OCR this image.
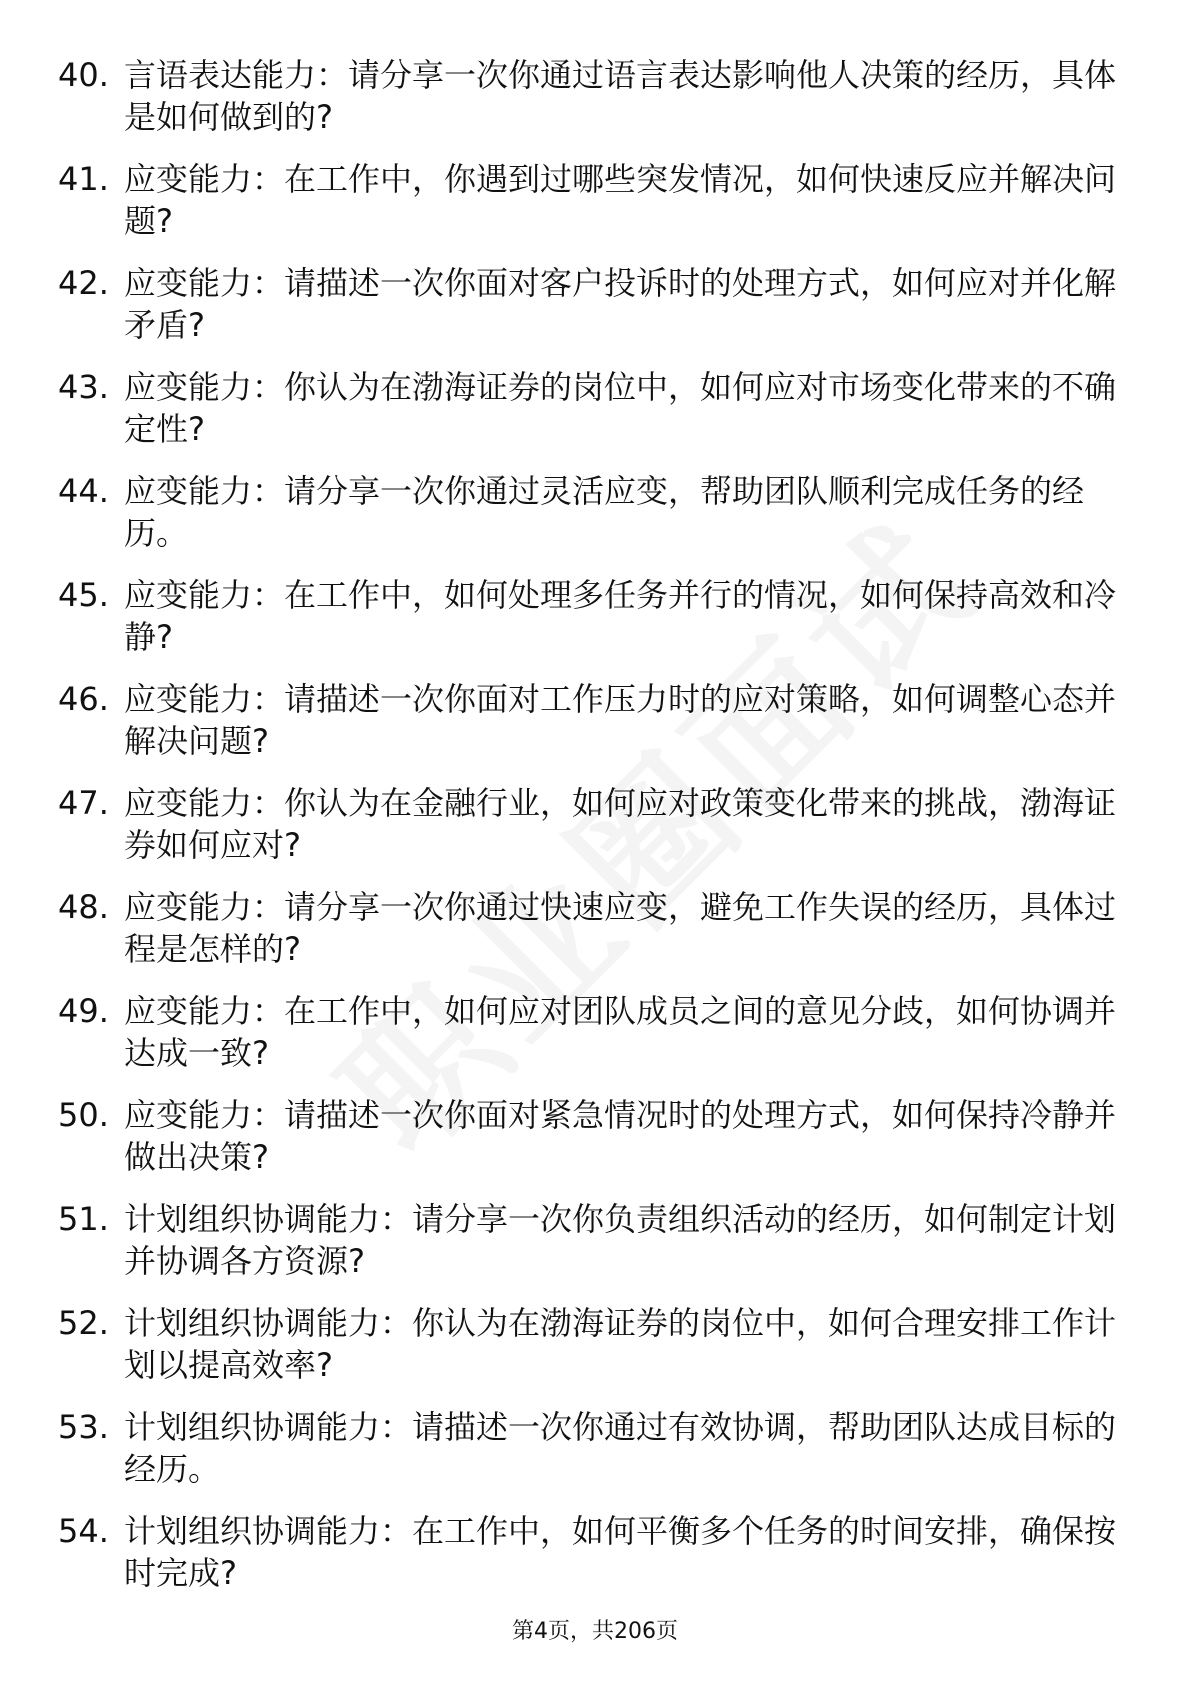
40. 言语表达能力：请分享一次你通过语言表达影响他人决策的经历，具体是如何做到的?
41. 应变能力：在工作中，你遇到过哪些突发情况，如何快速反应并解决问题?
42. 应变能力：请描述一次你面对客户投诉时的处理方式，如何应对并化解矛盾?
43. 应变能力：你认为在渤海证券的岗位中，如何应对市场变化带来的不确定性?
44. 应变能力：请分享一次你通过灵活应变，帮助团队顺利完成任务的经历。
45. 应变能力：在工作中，如何处理多任务并行的情况，如何保持高效和冷静?
46. 应变能力：请描述一次你面对工作压力时的应对策略，如何调整心态并解决问题?
47. 应变能力：你认为在金融行业，如何应对政策变化带来的挑战，渤海证券如何应对?
48. 应变能力：请分享一次你通过快速应变，避免工作失误的经历，具体过程是怎样的?
49. 应变能力：在工作中，如何应对团队成员之间的意见分歧，如何协调并达成一致?
50. 应变能力：请描述一次你面对紧急情况时的处理方式，如何保持冷静并做出决策?
51. 计划组织协调能力：请分享一次你负责组织活动的经历，如何制定计划并协调各方资源?
52. 计划组织协调能力：你认为在渤海证券的岗位中，如何合理安排工作计划以提高效率?
53. 计划组织协调能力：请描述一次你通过有效协调，帮助团队达成目标的经历。
54. 计划组织协调能力：在工作中，如何平衡多个任务的时间安排，确保按时完成?
第4页，共206页
